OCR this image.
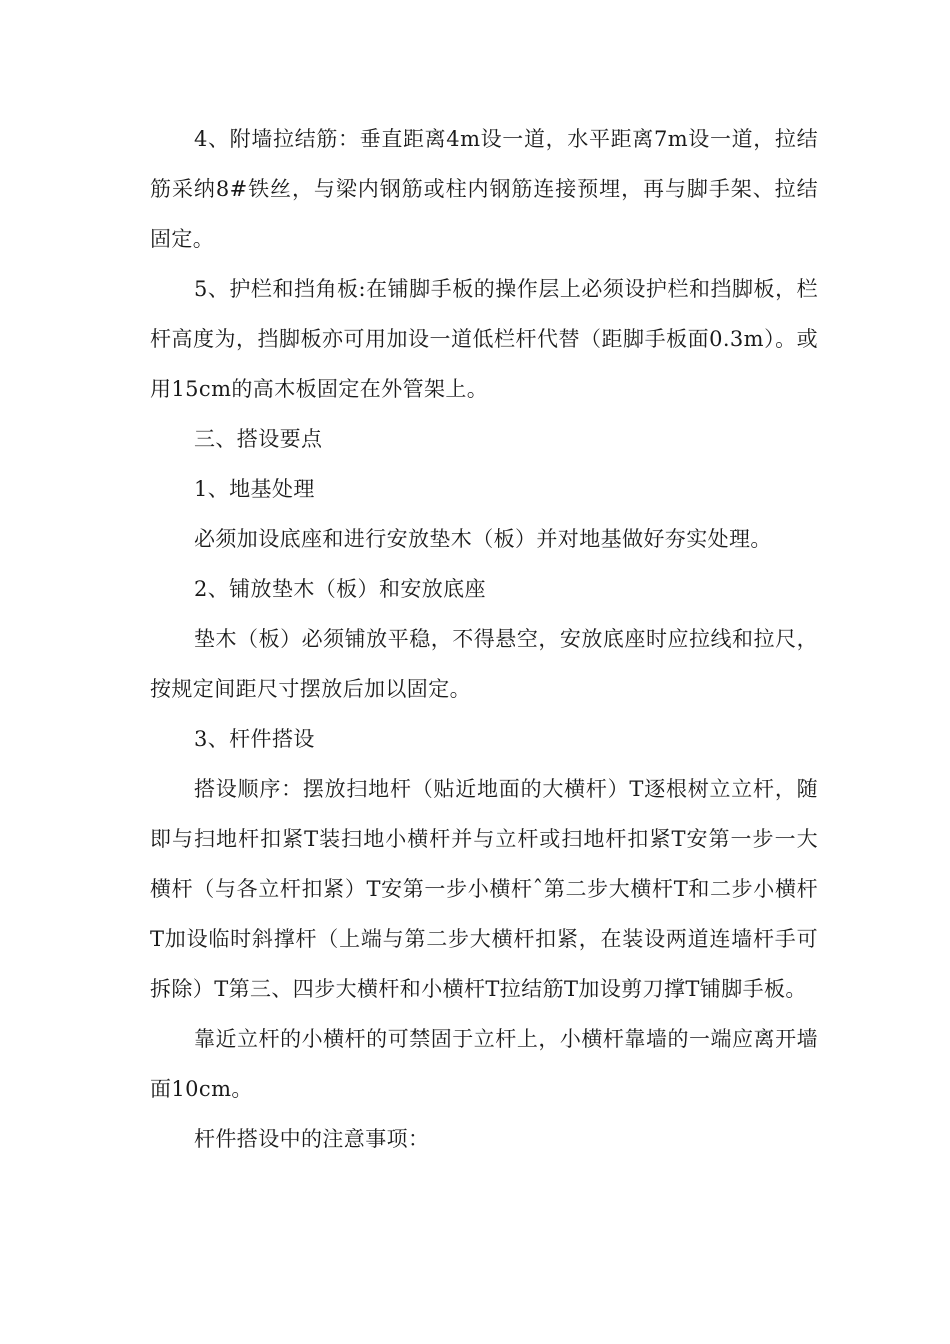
4、附墙拉结筋：垂直距离4m设一道，水平距离7m设一道，拉结筋采纳8#铁丝，与梁内钢筋或柱内钢筋连接预埋，再与脚手架、拉结固定。

5、护栏和挡角板:在铺脚手板的操作层上必须设护栏和挡脚板，栏杆高度为，挡脚板亦可用加设一道低栏杆代替（距脚手板面0.3m）。或用15cm的高木板固定在外管架上。

三、搭设要点

1、地基处理

必须加设底座和进行安放垫木（板）并对地基做好夯实处理。

2、铺放垫木（板）和安放底座

垫木（板）必须铺放平稳，不得悬空，安放底座时应拉线和拉尺，按规定间距尺寸摆放后加以固定。

3、杆件搭设

搭设顺序：摆放扫地杆（贴近地面的大横杆）T逐根树立立杆，随即与扫地杆扣紧T装扫地小横杆并与立杆或扫地杆扣紧T安第一步一大横杆（与各立杆扣紧）T安第一步小横杆ˆ第二步大横杆T和二步小横杆T加设临时斜撑杆（上端与第二步大横杆扣紧，在装设两道连墙杆手可拆除）T第三、四步大横杆和小横杆T拉结筋T加设剪刀撑T铺脚手板。

靠近立杆的小横杆的可禁固于立杆上，小横杆靠墙的一端应离开墙面10cm。

杆件搭设中的注意事项：
